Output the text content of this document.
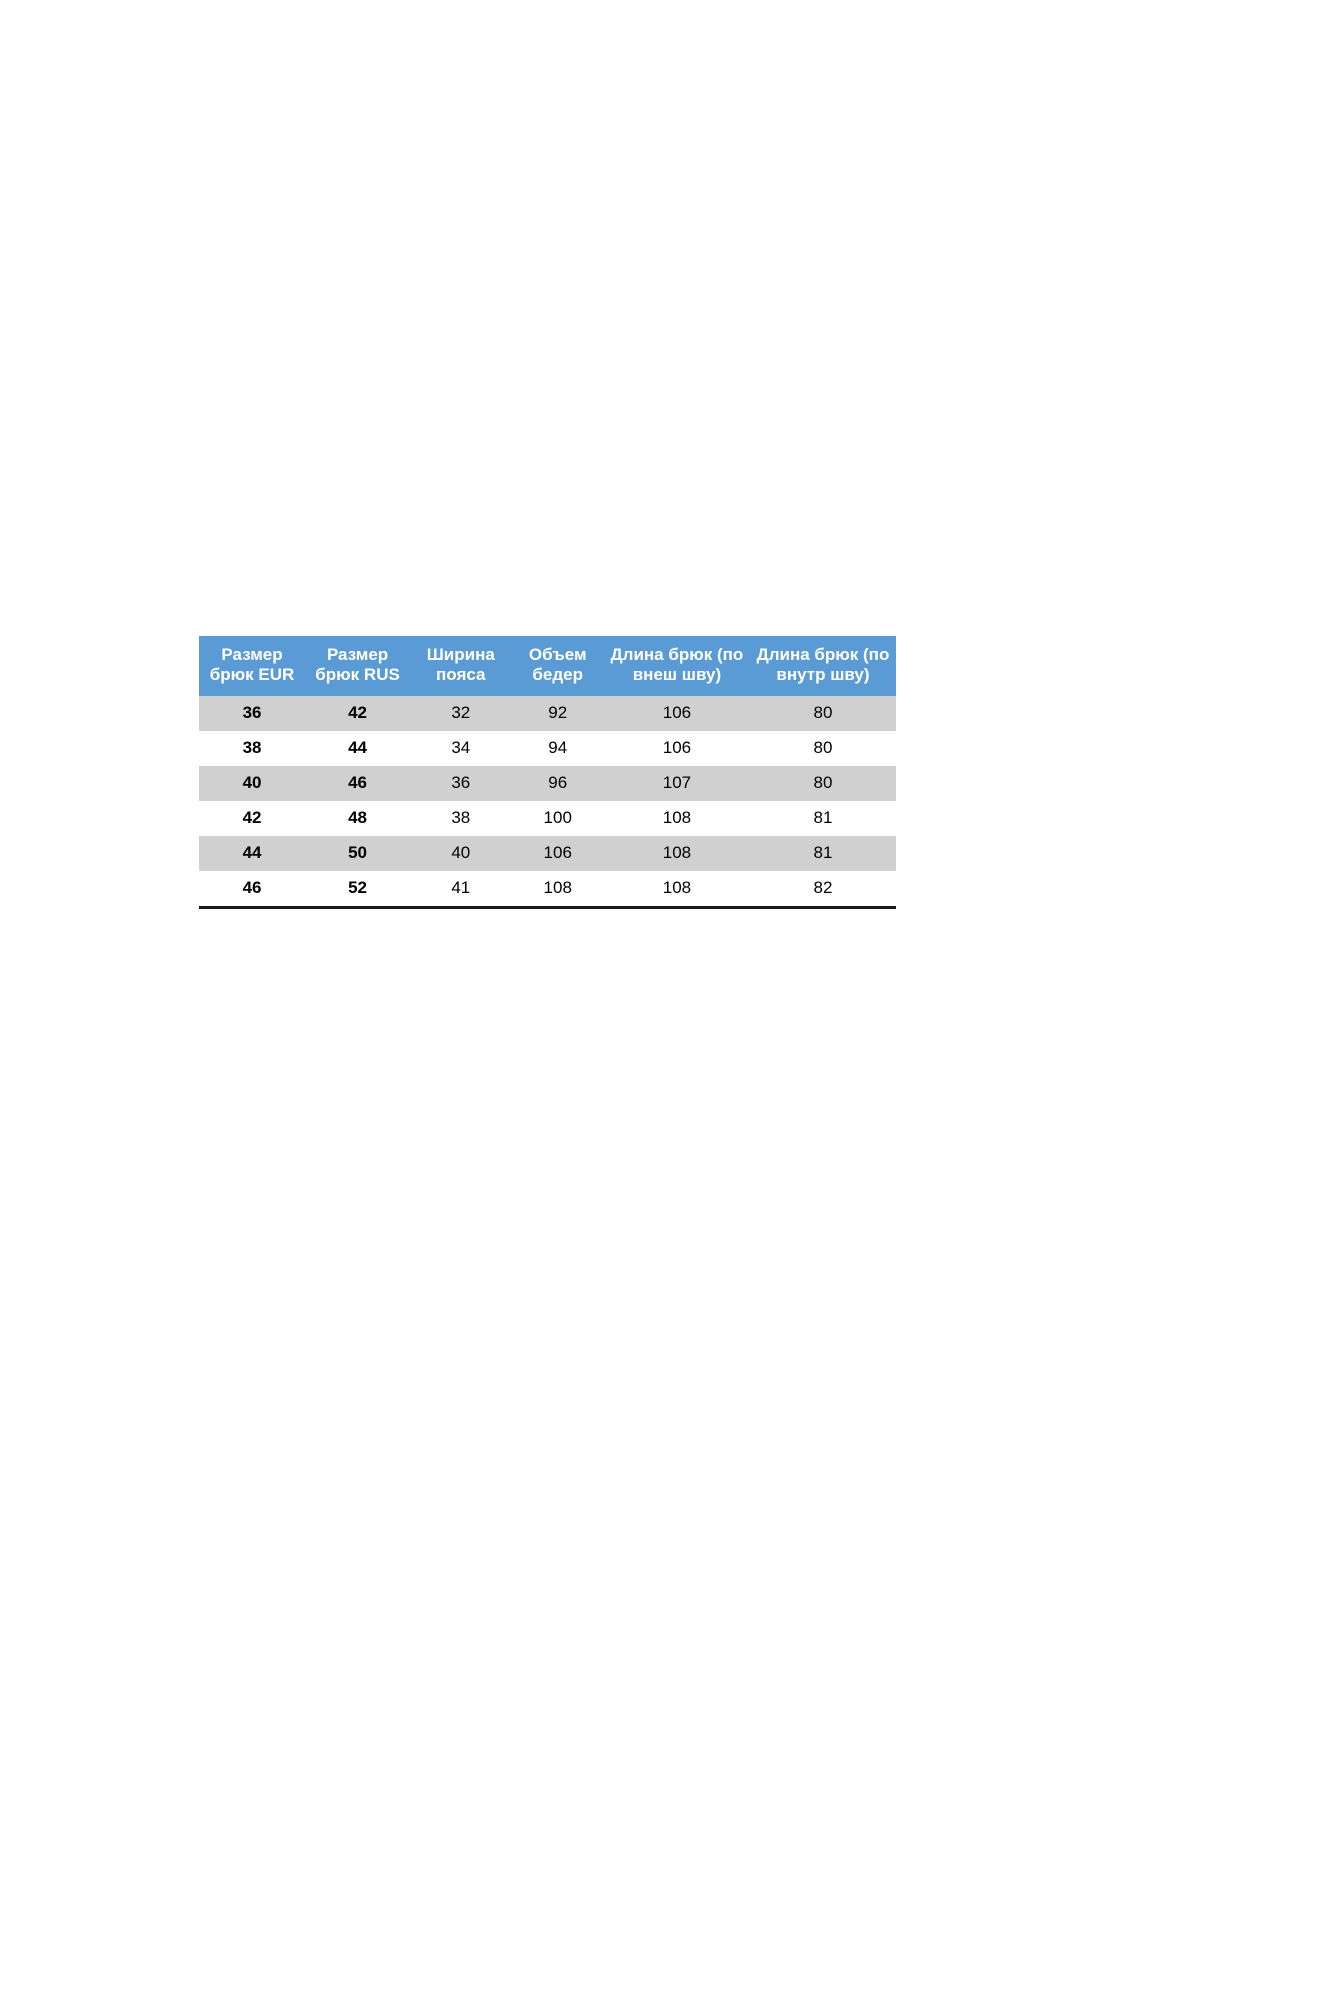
Размер брюк EUR	Размер брюк RUS	Ширина пояса	Объем бедер	Длина брюк (по внеш шву)	Длина брюк (по внутр шву)
36	42	32	92	106	80
38	44	34	94	106	80
40	46	36	96	107	80
42	48	38	100	108	81
44	50	40	106	108	81
46	52	41	108	108	82
